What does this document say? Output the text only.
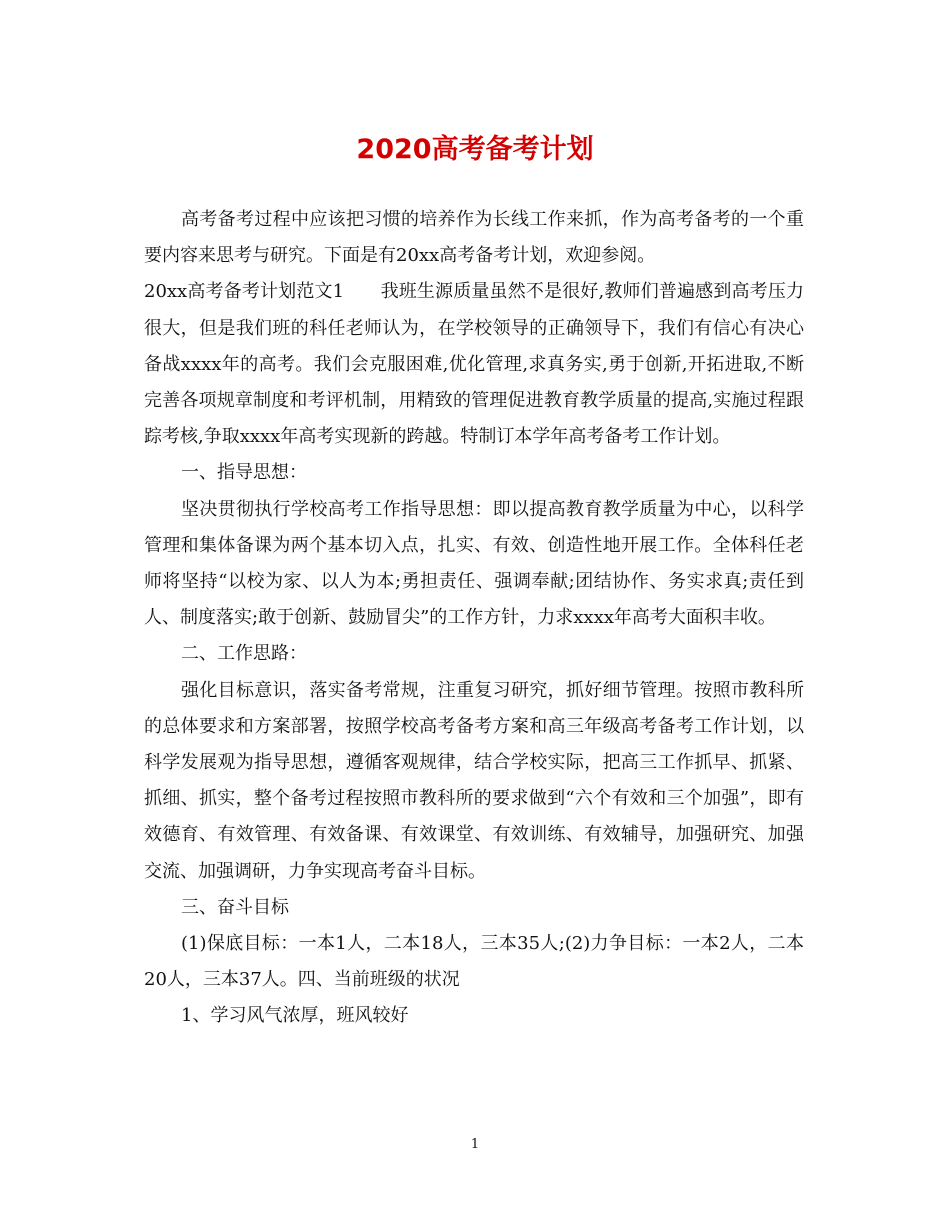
2020高考备考计划

高考备考过程中应该把习惯的培养作为长线工作来抓，作为高考备考的一个重要内容来思考与研究。下面是有20xx高考备考计划，欢迎参阅。

20xx高考备考计划范文1　　我班生源质量虽然不是很好,教师们普遍感到高考压力很大，但是我们班的科任老师认为，在学校领导的正确领导下，我们有信心有决心备战xxxx年的高考。我们会克服困难,优化管理,求真务实,勇于创新,开拓进取,不断完善各项规章制度和考评机制，用精致的管理促进教育教学质量的提高,实施过程跟踪考核,争取xxxx年高考实现新的跨越。特制订本学年高考备考工作计划。

一、指导思想：

坚决贯彻执行学校高考工作指导思想：即以提高教育教学质量为中心，以科学管理和集体备课为两个基本切入点，扎实、有效、创造性地开展工作。全体科任老师将坚持“以校为家、以人为本;勇担责任、强调奉献;团结协作、务实求真;责任到人、制度落实;敢于创新、鼓励冒尖”的工作方针，力求xxxx年高考大面积丰收。

二、工作思路：

强化目标意识，落实备考常规，注重复习研究，抓好细节管理。按照市教科所的总体要求和方案部署，按照学校高考备考方案和高三年级高考备考工作计划，以科学发展观为指导思想，遵循客观规律，结合学校实际，把高三工作抓早、抓紧、抓细、抓实，整个备考过程按照市教科所的要求做到“六个有效和三个加强”，即有效德育、有效管理、有效备课、有效课堂、有效训练、有效辅导，加强研究、加强交流、加强调研，力争实现高考奋斗目标。

三、奋斗目标

(1)保底目标：一本1人，二本18人，三本35人;(2)力争目标：一本2人，二本20人，三本37人。四、当前班级的状况

1、学习风气浓厚，班风较好

1
